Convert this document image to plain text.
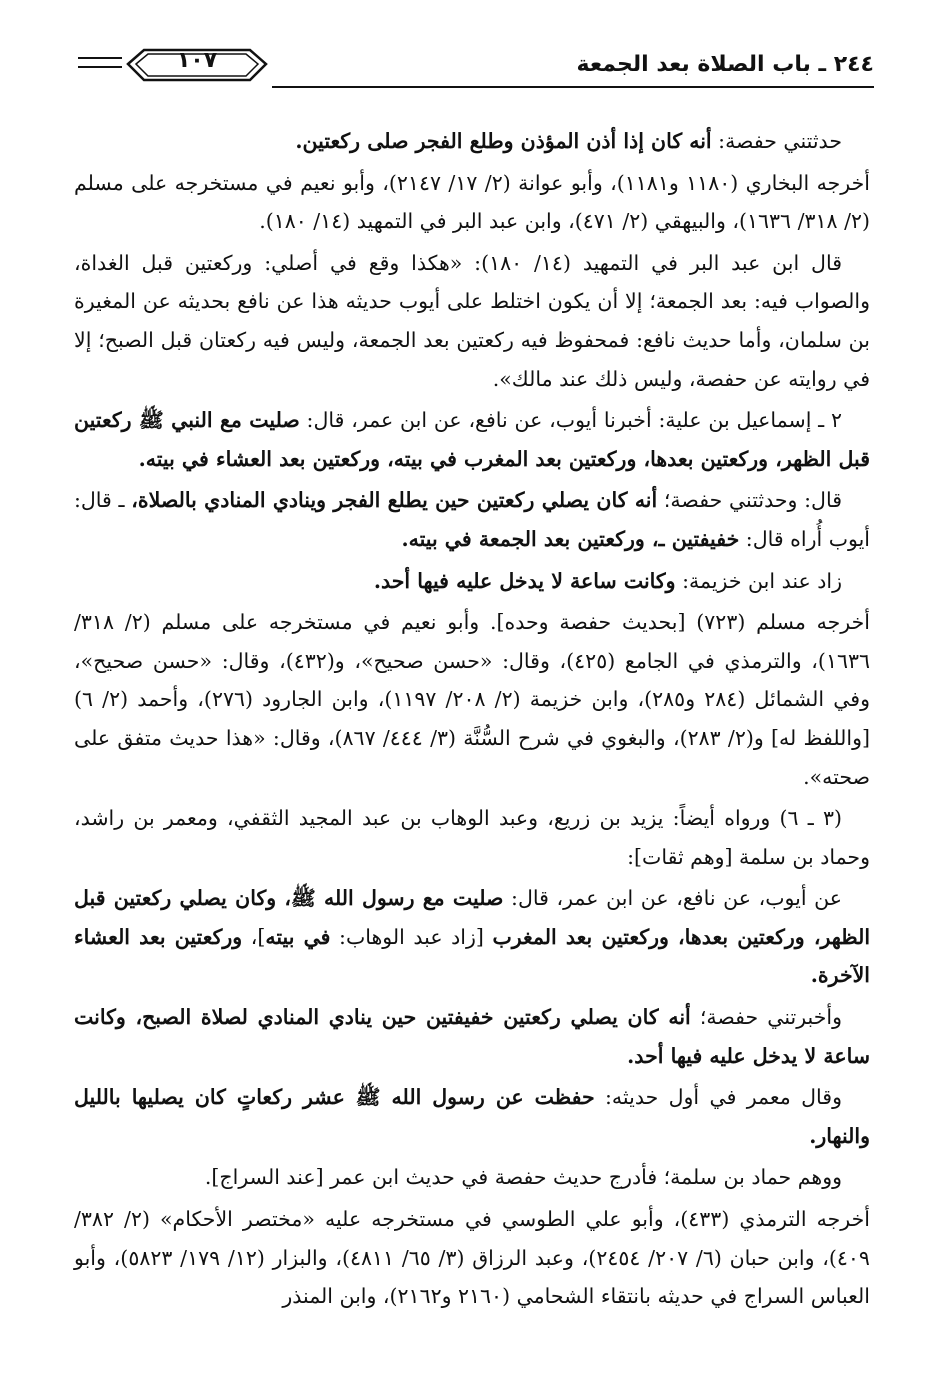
٢٤٤ ـ باب الصلاة بعد الجمعة
١٠٧

حدثتني حفصة: أنه كان إذا أذن المؤذن وطلع الفجر صلى ركعتين.

أخرجه البخاري (١١٨٠ و١١٨١)، وأبو عوانة (٢/ ١٧/ ٢١٤٧)، وأبو نعيم في مستخرجه على مسلم (٢/ ٣١٨/ ١٦٣٦)، والبيهقي (٢/ ٤٧١)، وابن عبد البر في التمهيد (١٤/ ١٨٠).

قال ابن عبد البر في التمهيد (١٤/ ١٨٠): «هكذا وقع في أصلي: وركعتين قبل الغداة، والصواب فيه: بعد الجمعة؛ إلا أن يكون اختلط على أيوب حديثه هذا عن نافع بحديثه عن المغيرة بن سلمان، وأما حديث نافع: فمحفوظ فيه ركعتين بعد الجمعة، وليس فيه ركعتان قبل الصبح؛ إلا في روايته عن حفصة، وليس ذلك عند مالك».

٢ ـ إسماعيل بن علية: أخبرنا أيوب، عن نافع، عن ابن عمر، قال: صليت مع النبي ﷺ ركعتين قبل الظهر، وركعتين بعدها، وركعتين بعد المغرب في بيته، وركعتين بعد العشاء في بيته.

قال: وحدثتني حفصة؛ أنه كان يصلي ركعتين حين يطلع الفجر وينادي المنادي بالصلاة، ـ قال: أيوب أُراه قال: خفيفتين ـ، وركعتين بعد الجمعة في بيته.

زاد عند ابن خزيمة: وكانت ساعة لا يدخل عليه فيها أحد.

أخرجه مسلم (٧٢٣) [بحديث حفصة وحده]. وأبو نعيم في مستخرجه على مسلم (٢/ ٣١٨/ ١٦٣٦)، والترمذي في الجامع (٤٢٥)، وقال: «حسن صحيح»، و(٤٣٢)، وقال: «حسن صحيح»، وفي الشمائل (٢٨٤ و٢٨٥)، وابن خزيمة (٢/ ٢٠٨/ ١١٩٧)، وابن الجارود (٢٧٦)، وأحمد (٢/ ٦) [واللفظ له] و(٢/ ٢٨٣)، والبغوي في شرح السُّنَّة (٣/ ٤٤٤/ ٨٦٧)، وقال: «هذا حديث متفق على صحته».

(٣ ـ ٦) ورواه أيضاً: يزيد بن زريع، وعبد الوهاب بن عبد المجيد الثقفي، ومعمر بن راشد، وحماد بن سلمة [وهم ثقات]:

عن أيوب، عن نافع، عن ابن عمر، قال: صليت مع رسول الله ﷺ، وكان يصلي ركعتين قبل الظهر، وركعتين بعدها، وركعتين بعد المغرب [زاد عبد الوهاب: في بيته]، وركعتين بعد العشاء الآخرة.

وأخبرتني حفصة؛ أنه كان يصلي ركعتين خفيفتين حين ينادي المنادي لصلاة الصبح، وكانت ساعة لا يدخل عليه فيها أحد.

وقال معمر في أول حديثه: حفظت عن رسول الله ﷺ عشر ركعاتٍ كان يصليها بالليل والنهار.

ووهم حماد بن سلمة؛ فأدرج حديث حفصة في حديث ابن عمر [عند السراج].

أخرجه الترمذي (٤٣٣)، وأبو علي الطوسي في مستخرجه عليه «مختصر الأحكام» (٢/ ٣٨٢/ ٤٠٩)، وابن حبان (٦/ ٢٠٧/ ٢٤٥٤)، وعبد الرزاق (٣/ ٦٥/ ٤٨١١)، والبزار (١٢/ ١٧٩/ ٥٨٢٣)، وأبو العباس السراج في حديثه بانتقاء الشحامي (٢١٦٠ و٢١٦٢)، وابن المنذر
